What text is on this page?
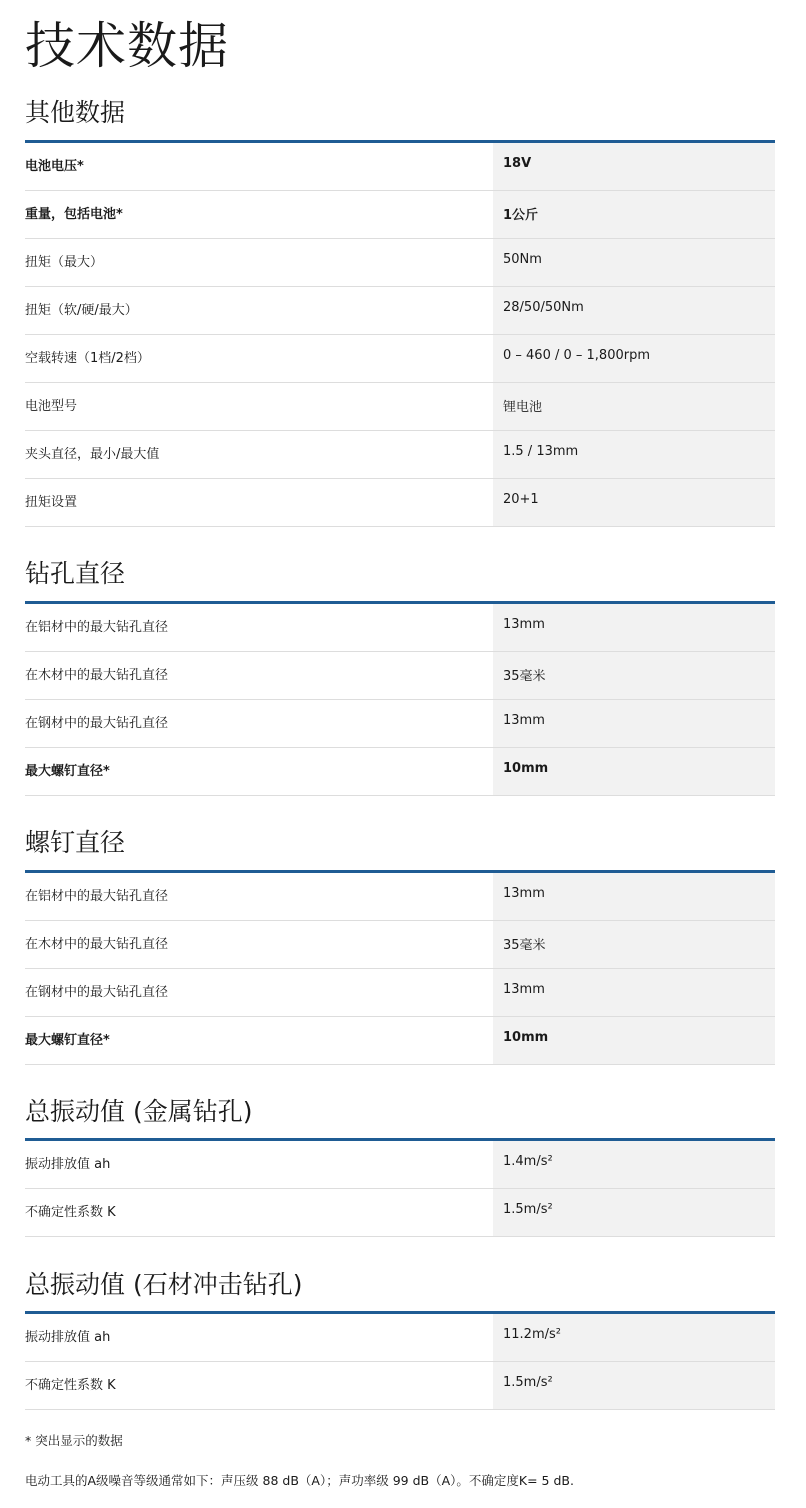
技术数据
其他数据
电池电压*	18V
重量，包括电池*	1公斤
扭矩（最大）	50Nm
扭矩（软/硬/最大）	28/50/50Nm
空载转速（1档/2档）	0 – 460 / 0 – 1,800rpm
电池型号	锂电池
夹头直径，最小/最大值	1.5 / 13mm
扭矩设置	20+1
钻孔直径
在铝材中的最大钻孔直径	13mm
在木材中的最大钻孔直径	35毫米
在钢材中的最大钻孔直径	13mm
最大螺钉直径*	10mm
螺钉直径
在铝材中的最大钻孔直径	13mm
在木材中的最大钻孔直径	35毫米
在钢材中的最大钻孔直径	13mm
最大螺钉直径*	10mm
总振动值 (金属钻孔)
振动排放值 ah	1.4m/s²
不确定性系数 K	1.5m/s²
总振动值 (石材冲击钻孔)
振动排放值 ah	11.2m/s²
不确定性系数 K	1.5m/s²

* 突出显示的数据

电动工具的A级噪音等级通常如下：声压级 88 dB（A）；声功率级 99 dB（A）。不确定度K= 5 dB.
